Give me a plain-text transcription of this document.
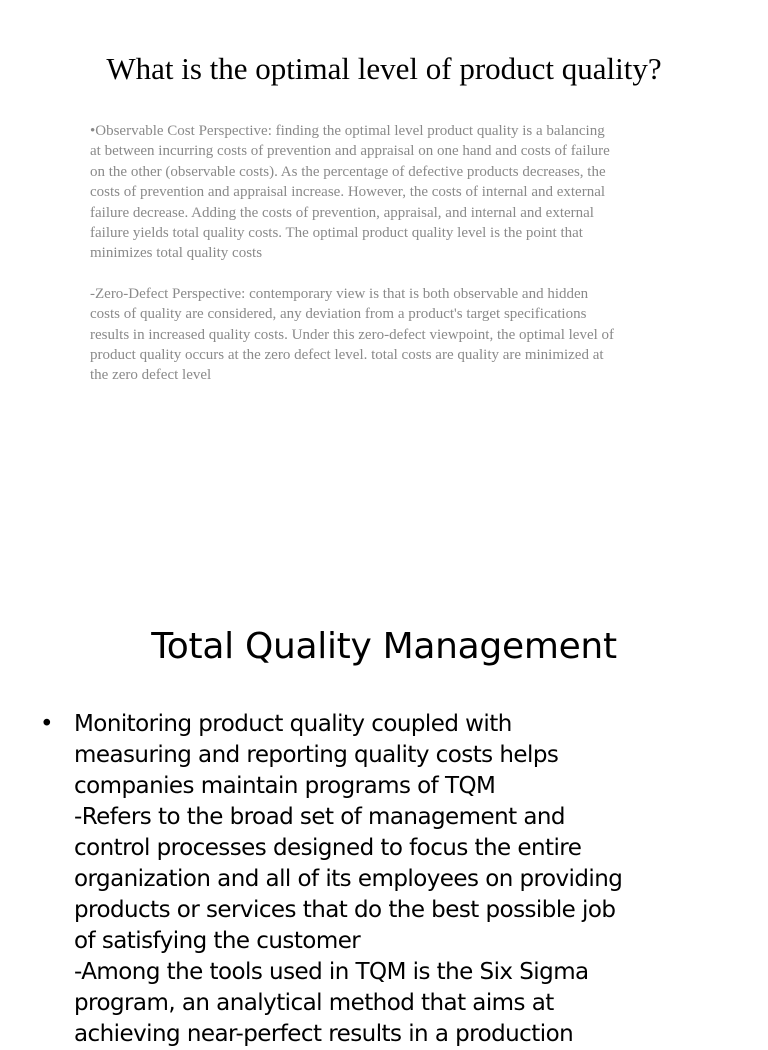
What is the optimal level of product quality?

•Observable Cost Perspective: finding the optimal level product quality is a balancing at between incurring costs of prevention and appraisal on one hand and costs of failure on the other (observable costs). As the percentage of defective products decreases, the costs of prevention and appraisal increase. However, the costs of internal and external failure decrease. Adding the costs of prevention, appraisal, and internal and external failure yields total quality costs. The optimal product quality level is the point that minimizes total quality costs

-Zero-Defect Perspective: contemporary view is that is both observable and hidden costs of quality are considered, any deviation from a product's target specifications results in increased quality costs. Under this zero-defect viewpoint, the optimal level of product quality occurs at the zero defect level. total costs are quality are minimized at the zero defect level

Total Quality Management
• Monitoring product quality coupled with
measuring and reporting quality costs helps
companies maintain programs of TQM
-Refers to the broad set of management and
control processes designed to focus the entire
organization and all of its employees on providing
products or services that do the best possible job
of satisfying the customer
-Among the tools used in TQM is the Six Sigma
program, an analytical method that aims at
achieving near-perfect results in a production
